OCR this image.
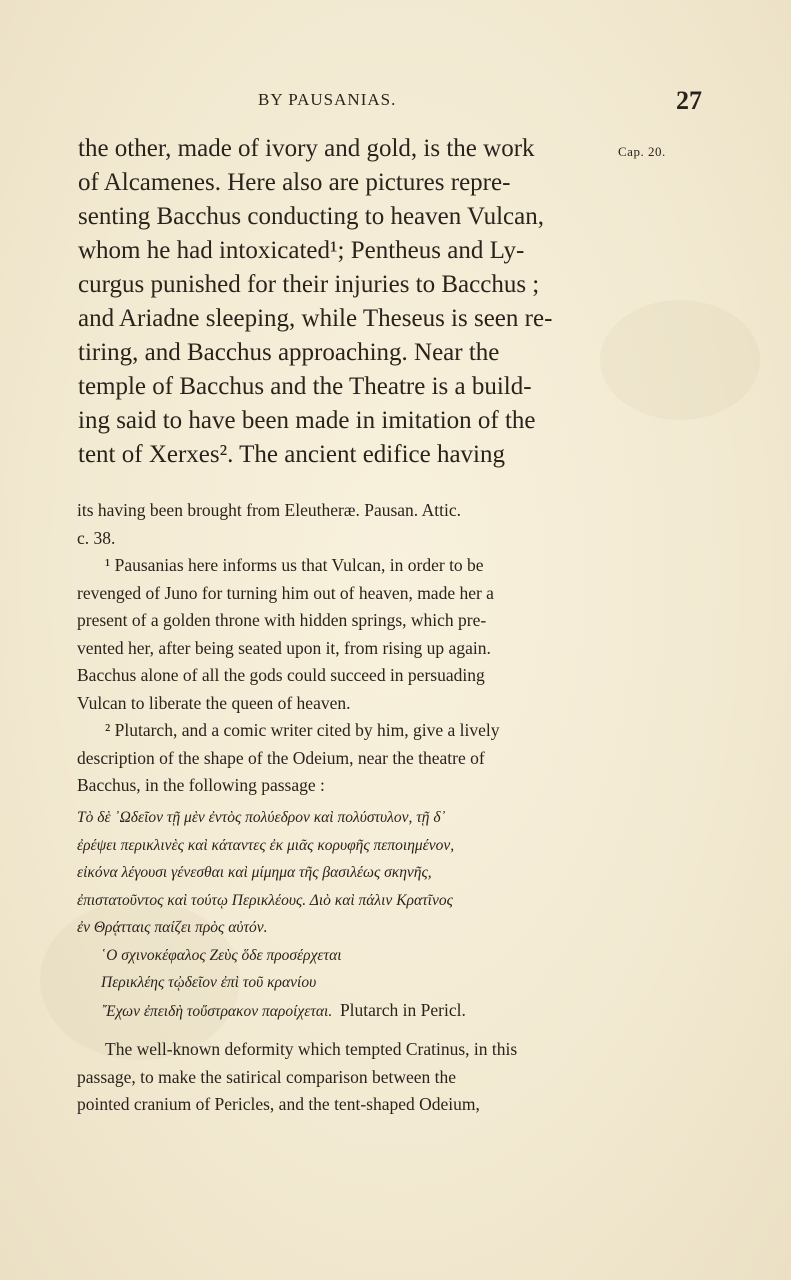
BY PAUSANIAS.	27
Cap. 20.
the other, made of ivory and gold, is the work
of Alcamenes. Here also are pictures repre-
senting Bacchus conducting to heaven Vulcan,
whom he had intoxicated¹; Pentheus and Ly-
curgus punished for their injuries to Bacchus ;
and Ariadne sleeping, while Theseus is seen re-
tiring, and Bacchus approaching. Near the
temple of Bacchus and the Theatre is a build-
ing said to have been made in imitation of the
tent of Xerxes². The ancient edifice having
its having been brought from Eleutheræ. Pausan. Attic.
c. 38.
¹ Pausanias here informs us that Vulcan, in order to be
revenged of Juno for turning him out of heaven, made her a
present of a golden throne with hidden springs, which pre-
vented her, after being seated upon it, from rising up again.
Bacchus alone of all the gods could succeed in persuading
Vulcan to liberate the queen of heaven.
² Plutarch, and a comic writer cited by him, give a lively
description of the shape of the Odeium, near the theatre of
Bacchus, in the following passage :
Τὸ δὲ ᾿Ωδεῖον τῇ μὲν ἐντὸς πολύεδρον καὶ πολύστυλον, τῇ δ᾿
ἐρέψει περικλινὲς καὶ κάταντες ἐκ μιᾶς κορυφῆς πεποιημένον,
εἰκόνα λέγουσι γένεσθαι καὶ μίμημα τῆς βασιλέως σκηνῆς,
ἐπιστατοῦντος καὶ τούτῳ Περικλέους. Διὸ καὶ πάλιν Κρατῖνος
ἐν Θρᾴτταις παίζει πρὸς αὐτόν.
῾Ο σχινοκέφαλος Ζεὺς ὅδε προσέρχεται
Περικλέης τᾠδεῖον ἐπὶ τοῦ κρανίου
῎Εχων ἐπειδὴ τοὔστρακον παροίχεται. Plutarch in Pericl.
The well-known deformity which tempted Cratinus, in this
passage, to make the satirical comparison between the
pointed cranium of Pericles, and the tent-shaped Odeium,
